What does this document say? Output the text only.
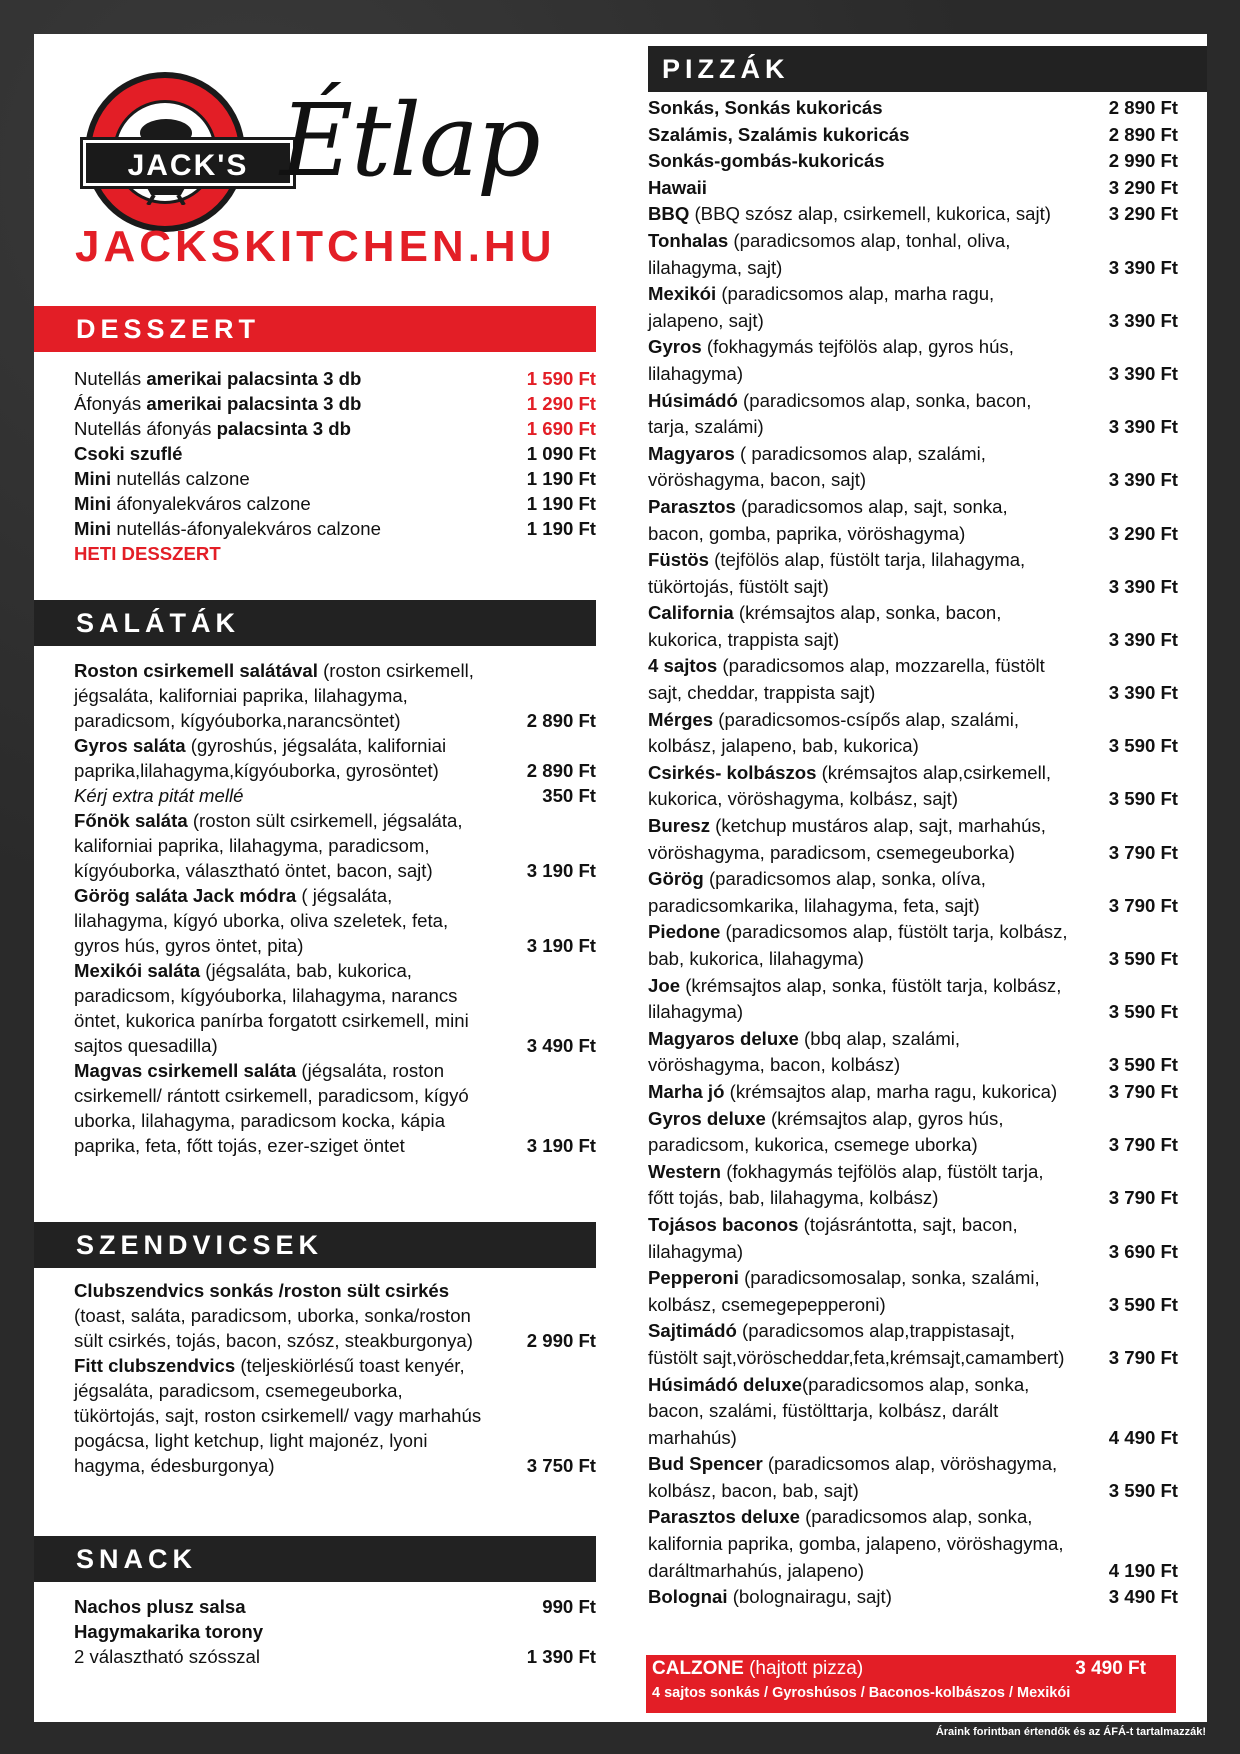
JACK'S Étlap
JACKSKITCHEN.HU
DESSZERT
Nutellás amerikai palacsinta 3 db	1 590 Ft
Áfonyás amerikai palacsinta 3 db	1 290 Ft
Nutellás áfonyás palacsinta 3 db	1 690 Ft
Csoki szuflé	1 090 Ft
Mini nutellás calzone	1 190 Ft
Mini áfonyalekváros calzone	1 190 Ft
Mini nutellás-áfonyalekváros calzone	1 190 Ft
HETI DESSZERT
SALÁTÁK
Roston csirkemell salátával (roston csirkemell, jégsaláta, kaliforniai paprika, lilahagyma, paradicsom, kígyóuborka,narancsöntet)	2 890 Ft
Gyros saláta (gyroshús, jégsaláta, kaliforniai paprika,lilahagyma,kígyóuborka, gyrosöntet)	2 890 Ft
Kérj extra pitát mellé	350 Ft
Főnök saláta (roston sült csirkemell, jégsaláta, kaliforniai paprika, lilahagyma, paradicsom, kígyóuborka, választható öntet, bacon, sajt)	3 190 Ft
Görög saláta Jack módra ( jégsaláta, lilahagyma, kígyó uborka, oliva szeletek, feta, gyros hús, gyros öntet, pita)	3 190 Ft
Mexikói saláta (jégsaláta, bab, kukorica, paradicsom, kígyóuborka, lilahagyma, narancs öntet, kukorica panírba forgatott csirkemell, mini sajtos quesadilla)	3 490 Ft
Magvas csirkemell saláta (jégsaláta, roston csirkemell/ rántott csirkemell, paradicsom, kígyó uborka, lilahagyma, paradicsom kocka, kápia paprika, feta, főtt tojás, ezer-sziget öntet	3 190 Ft
SZENDVICSEK
Clubszendvics sonkás /roston sült csirkés (toast, saláta, paradicsom, uborka, sonka/roston sült csirkés, tojás, bacon, szósz, steakburgonya)	2 990 Ft
Fitt clubszendvics (teljeskiörlésű toast kenyér, jégsaláta, paradicsom, csemegeuborka, tükörtojás, sajt, roston csirkemell/ vagy marhahús pogácsa, light ketchup, light majonéz, lyoni hagyma, édesburgonya)	3 750 Ft
SNACK
Nachos plusz salsa	990 Ft
Hagymakarika torony
2 választható szósszal	1 390 Ft
PIZZÁK
Sonkás, Sonkás kukoricás	2 890 Ft
Szalámis, Szalámis kukoricás	2 890 Ft
Sonkás-gombás-kukoricás	2 990 Ft
Hawaii	3 290 Ft
BBQ (BBQ szósz alap, csirkemell, kukorica, sajt)	3 290 Ft
Tonhalas (paradicsomos alap, tonhal, oliva, lilahagyma, sajt)	3 390 Ft
Mexikói (paradicsomos alap, marha ragu, jalapeno, sajt)	3 390 Ft
Gyros (fokhagymás tejfölös alap, gyros hús, lilahagyma)	3 390 Ft
Húsimádó (paradicsomos alap, sonka, bacon, tarja, szalámi)	3 390 Ft
Magyaros ( paradicsomos alap, szalámi, vöröshagyma, bacon, sajt)	3 390 Ft
Parasztos (paradicsomos alap, sajt, sonka, bacon, gomba, paprika, vöröshagyma)	3 290 Ft
Füstös (tejfölös alap, füstölt tarja, lilahagyma, tükörtojás, füstölt sajt)	3 390 Ft
California (krémsajtos alap, sonka, bacon, kukorica, trappista sajt)	3 390 Ft
4 sajtos (paradicsomos alap, mozzarella, füstölt sajt, cheddar, trappista sajt)	3 390 Ft
Mérges (paradicsomos-csípős alap, szalámi, kolbász, jalapeno, bab, kukorica)	3 590 Ft
Csirkés- kolbászos (krémsajtos alap,csirkemell, kukorica, vöröshagyma, kolbász, sajt)	3 590 Ft
Buresz (ketchup mustáros alap, sajt, marhahús, vöröshagyma, paradicsom, csemegeuborka)	3 790 Ft
Görög (paradicsomos alap, sonka, olíva, paradicsomkarika, lilahagyma, feta, sajt)	3 790 Ft
Piedone (paradicsomos alap, füstölt tarja, kolbász, bab, kukorica, lilahagyma)	3 590 Ft
Joe (krémsajtos alap, sonka, füstölt tarja, kolbász, lilahagyma)	3 590 Ft
Magyaros deluxe (bbq alap, szalámi, vöröshagyma, bacon, kolbász)	3 590 Ft
Marha jó (krémsajtos alap, marha ragu, kukorica)	3 790 Ft
Gyros deluxe (krémsajtos alap, gyros hús, paradicsom, kukorica, csemege uborka)	3 790 Ft
Western (fokhagymás tejfölös alap, füstölt tarja, főtt tojás, bab, lilahagyma, kolbász)	3 790 Ft
Tojásos baconos (tojásrántotta, sajt, bacon, lilahagyma)	3 690 Ft
Pepperoni (paradicsomosalap, sonka, szalámi, kolbász, csemegepepperoni)	3 590 Ft
Sajtimádó (paradicsomos alap,trappistasajt, füstölt sajt,vöröscheddar,feta,krémsajt,camambert) 3 790 Ft
Húsimádó deluxe(paradicsomos alap, sonka, bacon, szalámi, füstölttarja, kolbász, darált marhahús)	4 490 Ft
Bud Spencer (paradicsomos alap, vöröshagyma, kolbász, bacon, bab, sajt)	3 590 Ft
Parasztos deluxe (paradicsomos alap, sonka, kalifornia paprika, gomba, jalapeno, vöröshagyma, daráltmarhahús, jalapeno)	4 190 Ft
Bolognai (bolognairagu, sajt)	3 490 Ft
CALZONE (hajtott pizza)	3 490 Ft
4 sajtos sonkás / Gyroshúsos / Baconos-kolbászos / Mexikói
Áraink forintban értendők és az ÁFÁ-t tartalmazzák!
